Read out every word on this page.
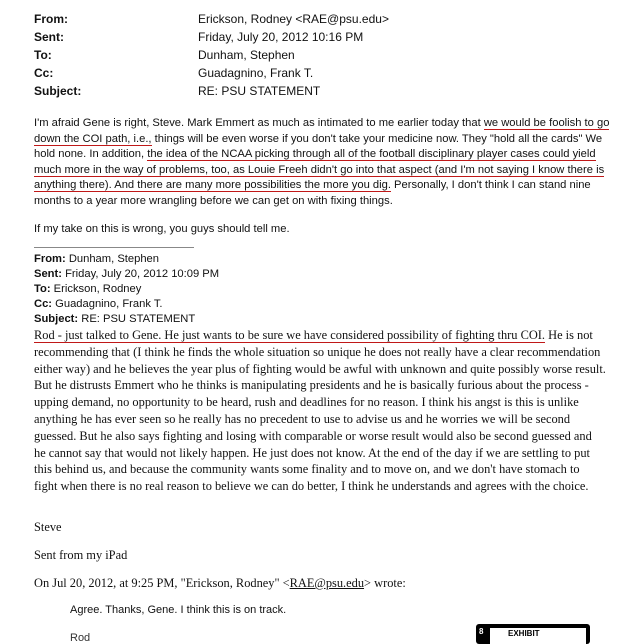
From:	Erickson, Rodney <RAE@psu.edu>
Sent:	Friday, July 20, 2012 10:16 PM
To:	Dunham, Stephen
Cc:	Guadagnino, Frank T.
Subject:	RE: PSU STATEMENT

I'm afraid Gene is right, Steve. Mark Emmert as much as intimated to me earlier today that we would be foolish to go down the COI path, i.e., things will be even worse if you don't take your medicine now. They "hold all the cards" We hold none. In addition, the idea of the NCAA picking through all of the football disciplinary player cases could yield much more in the way of problems, too, as Louie Freeh didn't go into that aspect (and I'm not saying I know there is anything there). And there are many more possibilities the more you dig. Personally, I don't think I can stand nine months to a year more wrangling before we can get on with fixing things.

If my take on this is wrong, you guys should tell me.

From: Dunham, Stephen
Sent: Friday, July 20, 2012 10:09 PM
To: Erickson, Rodney
Cc: Guadagnino, Frank T.
Subject: RE: PSU STATEMENT

Rod - just talked to Gene. He just wants to be sure we have considered possibility of fighting thru COI. He is not recommending that (I think he finds the whole situation so unique he does not really have a clear recommendation either way) and he believes the year plus of fighting would be awful with unknown and quite possibly worse result. But he distrusts Emmert who he thinks is manipulating presidents and he is basically furious about the process - upping demand, no opportunity to be heard, rush and deadlines for no reason. I think his angst is this is unlike anything he has ever seen so he really has no precedent to use to advise us and he worries we will be second guessed. But he also says fighting and losing with comparable or worse result would also be second guessed and he cannot say that would not likely happen. He just does not know. At the end of the day if we are settling to put this behind us, and because the community wants some finality and to move on, and we don't have stomach to fight when there is no real reason to believe we can do better, I think he understands and agrees with the choice.

Steve
Sent from my iPad
On Jul 20, 2012, at 9:25 PM, "Erickson, Rodney" <RAE@psu.edu> wrote:
Agree. Thanks, Gene. I think this is on track.
Rod
8	EXHIBIT
